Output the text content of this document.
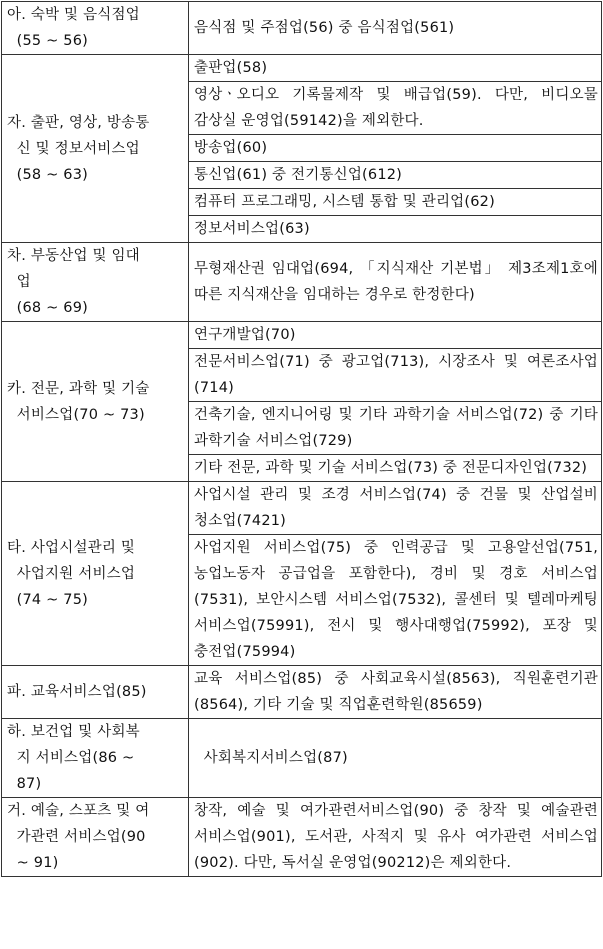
아. 숙박 및 음식점업
(55 ~ 56)	음식점 및 주점업(56) 중 음식점업(561)

자. 출판, 영상, 방송통
신 및 정보서비스업
(58 ~ 63)	출판업(58)
	영상ㆍ오디오 기록물제작 및 배급업(59). 다만, 비디오물 감상실 운영업(59142)을 제외한다.
	방송업(60)
	통신업(61) 중 전기통신업(612)
	컴퓨터 프로그래밍, 시스템 통합 및 관리업(62)
	정보서비스업(63)

차. 부동산업 및 임대
업
(68 ~ 69)	무형재산권 임대업(694, 「지식재산 기본법」 제3조제1호에 따른 지식재산을 임대하는 경우로 한정한다)

카. 전문, 과학 및 기술
서비스업(70 ~ 73)	연구개발업(70)
	전문서비스업(71) 중 광고업(713), 시장조사 및 여론조사업(714)
	건축기술, 엔지니어링 및 기타 과학기술 서비스업(72) 중 기타 과학기술 서비스업(729)
	기타 전문, 과학 및 기술 서비스업(73) 중 전문디자인업(732)

타. 사업시설관리 및
사업지원 서비스업
(74 ~ 75)	사업시설 관리 및 조경 서비스업(74) 중 건물 및 산업설비 청소업(7421)
	사업지원 서비스업(75) 중 인력공급 및 고용알선업(751, 농업노동자 공급업을 포함한다), 경비 및 경호 서비스업(7531), 보안시스템 서비스업(7532), 콜센터 및 텔레마케팅 서비스업(75991), 전시 및 행사대행업(75992), 포장 및 충전업(75994)

파. 교육서비스업(85)	교육 서비스업(85) 중 사회교육시설(8563), 직원훈련기관(8564), 기타 기술 및 직업훈련학원(85659)

하. 보건업 및 사회복
지 서비스업(86 ~
87)	사회복지서비스업(87)

거. 예술, 스포츠 및 여
가관련 서비스업(90
~ 91)	창작, 예술 및 여가관련서비스업(90) 중 창작 및 예술관련 서비스업(901), 도서관, 사적지 및 유사 여가관련 서비스업(902). 다만, 독서실 운영업(90212)은 제외한다.
